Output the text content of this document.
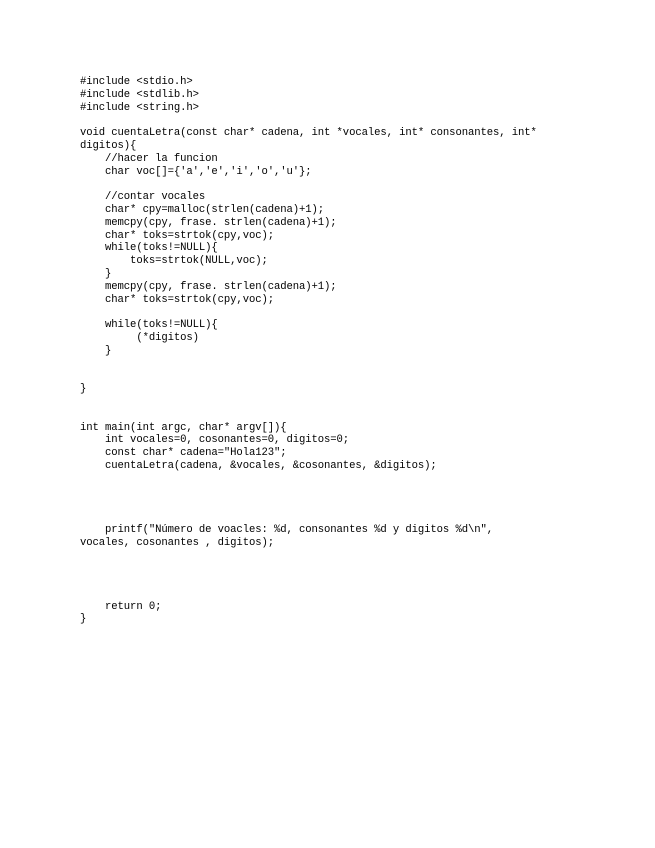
#include <stdio.h>
#include <stdlib.h>
#include <string.h>
void cuentaLetra(const char* cadena, int *vocales, int* consonantes, int*
digitos){
//hacer la funcion
char voc[]={'a','e','i','o','u'};
//contar vocales
char* cpy=malloc(strlen(cadena)+1);
memcpy(cpy, frase. strlen(cadena)+1);
char* toks=strtok(cpy,voc);
while(toks!=NULL){
toks=strtok(NULL,voc);
}
memcpy(cpy, frase. strlen(cadena)+1);
char* toks=strtok(cpy,voc);
while(toks!=NULL){
(*digitos)
}
}
int main(int argc, char* argv[]){
int vocales=0, cosonantes=0, digitos=0;
const char* cadena="Hola123";
cuentaLetra(cadena, &vocales, &cosonantes, &digitos);
printf("Número de voacles: %d, consonantes %d y digitos %d\n",
vocales, cosonantes , digitos);
return 0;
}
